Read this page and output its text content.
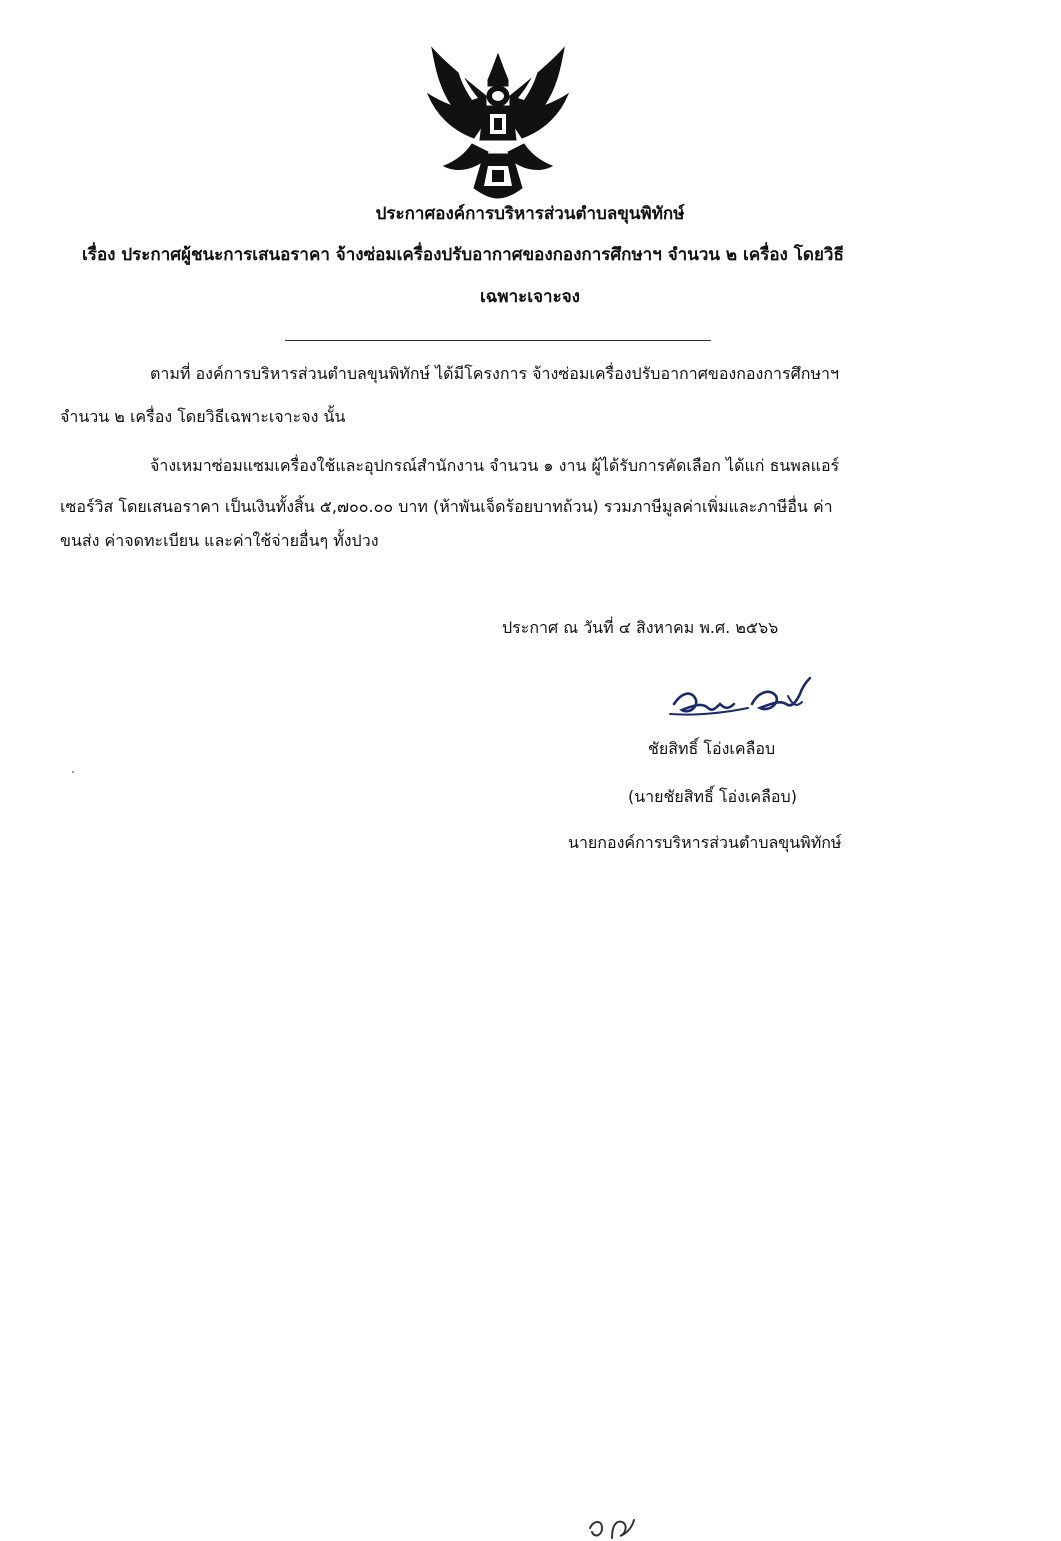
ประกาศองค์การบริหารส่วนตำบลขุนพิทักษ์
เรื่อง ประกาศผู้ชนะการเสนอราคา จ้างซ่อมเครื่องปรับอากาศของกองการศึกษาฯ จำนวน ๒ เครื่อง โดยวิธี
เฉพาะเจาะจง
ตามที่ องค์การบริหารส่วนตำบลขุนพิทักษ์ ได้มีโครงการ จ้างซ่อมเครื่องปรับอากาศของกองการศึกษาฯ
จำนวน ๒ เครื่อง โดยวิธีเฉพาะเจาะจง นั้น
จ้างเหมาซ่อมแซมเครื่องใช้และอุปกรณ์สำนักงาน จำนวน ๑ งาน ผู้ได้รับการคัดเลือก ได้แก่ ธนพลแอร์
เซอร์วิส โดยเสนอราคา เป็นเงินทั้งสิ้น ๕,๗๐๐.๐๐ บาท (ห้าพันเจ็ดร้อยบาทถ้วน) รวมภาษีมูลค่าเพิ่มและภาษีอื่น ค่า
ขนส่ง ค่าจดทะเบียน และค่าใช้จ่ายอื่นๆ ทั้งปวง
ประกาศ ณ วันที่ ๔ สิงหาคม พ.ศ. ๒๕๖๖
ชัยสิทธิ์ โอ่งเคลือบ
(นายชัยสิทธิ์ โอ่งเคลือบ)
นายกองค์การบริหารส่วนตำบลขุนพิทักษ์
